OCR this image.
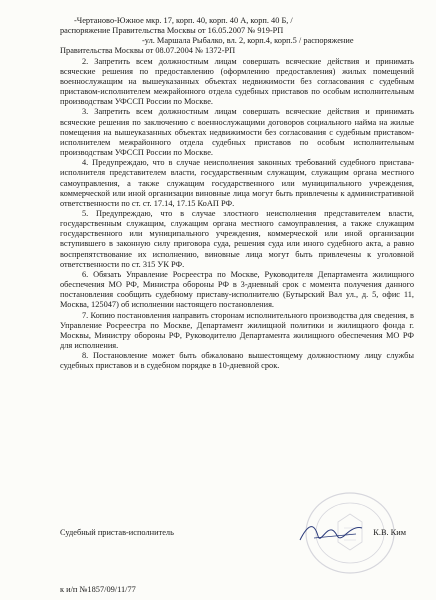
-Чертаново-Южное мкр. 17, корп. 40, корп. 40 А, корп. 40 Б, /

распоряжение Правительства Москвы от 16.05.2007 № 919-РП

-ул. Маршала Рыбалко, вл. 2, корп.4, корп.5 / распоряжение

Правительства Москвы от 08.07.2004 № 1372-РП

2. Запретить всем должностным лицам совершать всяческие действия и принимать всяческие решения по предоставлению (оформлению предоставления) жилых помещений военнослужащим на вышеуказанных объектах недвижимости без согласования с судебным приставом-исполнителем межрайонного отдела судебных приставов по особым исполнительным производствам УФССП России по Москве.

3. Запретить всем должностным лицам совершать всяческие действия и принимать всяческие решения по заключению с военнослужащими договоров социального найма на жилые помещения на вышеуказанных объектах недвижимости без согласования с судебным приставом-исполнителем межрайонного отдела судебных приставов по особым исполнительным производствам УФССП России по Москве.

4. Предупреждаю, что в случае неисполнения законных требований судебного пристава-исполнителя представителем власти, государственным служащим, служащим органа местного самоуправления, а также служащим государственного или муниципального учреждения, коммерческой или иной организации виновные лица могут быть привлечены к административной ответственности по ст. ст. 17.14, 17.15 КоАП РФ.

5. Предупреждаю, что в случае злостного неисполнения представителем власти, государственным служащим, служащим органа местного самоуправления, а также служащим государственного или муниципального учреждения, коммерческой или иной организации вступившего в законную силу приговора суда, решения суда или иного судебного акта, а равно воспрепятствование их исполнению, виновные лица могут быть привлечены к уголовной ответственности по ст. 315 УК РФ.

6. Обязать Управление Росреестра по Москве, Руководителя Департамента жилищного обеспечения МО РФ, Министра обороны РФ в 3-дневный срок с момента получения данного постановления сообщить судебному приставу-исполнителю (Бутырский Вал ул., д. 5, офис 11, Москва, 125047) об исполнении настоящего постановления.

7. Копию постановления направить сторонам исполнительного производства для сведения, в Управление Росреестра по Москве, Департамент жилищной политики и жилищного фонда г. Москвы, Министру обороны РФ, Руководителю Департамента жилищного обеспечения МО РФ для исполнения.

8. Постановление может быть обжаловано вышестоящему должностному лицу службы судебных приставов и в судебном порядке в 10-дневной срок.

Судебный пристав-исполнитель	К.В. Ким
к и/п №1857/09/11/77
